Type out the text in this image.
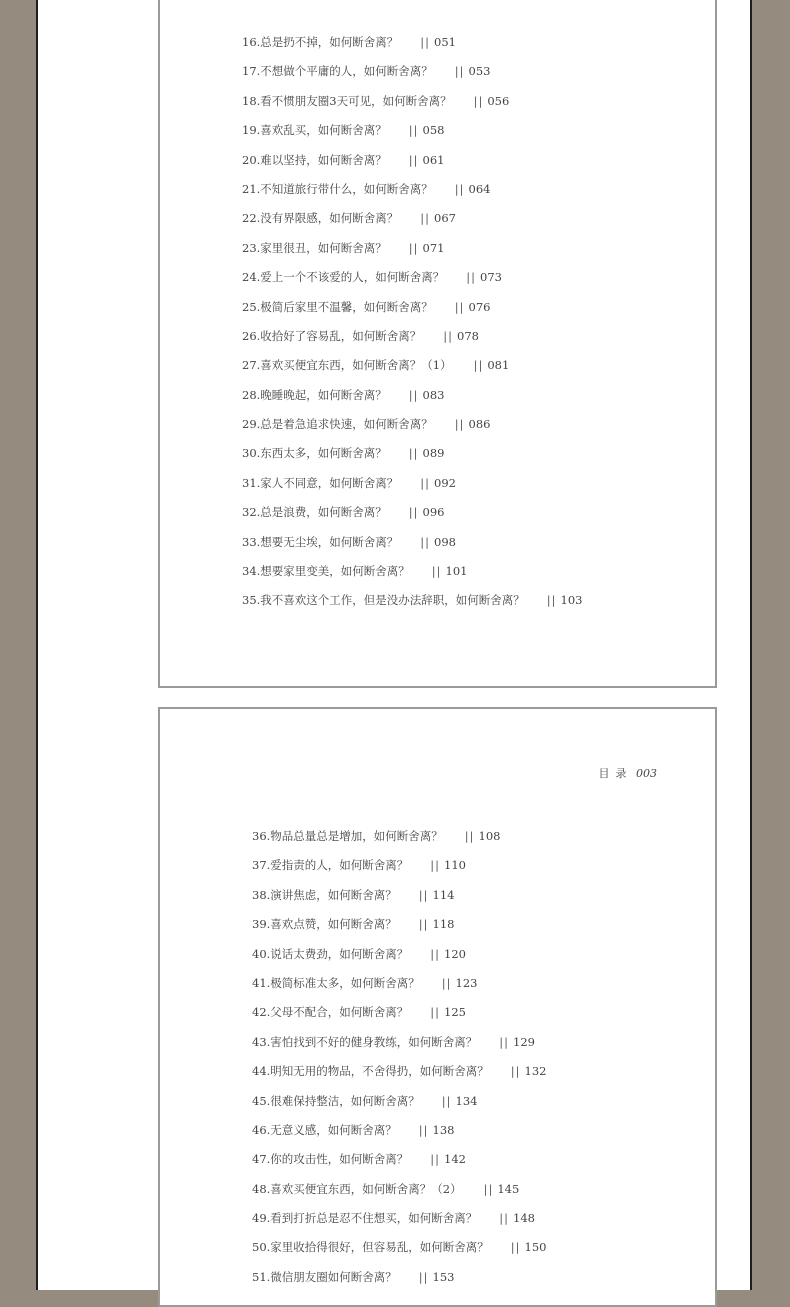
16.总是扔不掉，如何断舍离？ || 051
17.不想做个平庸的人，如何断舍离？ || 053
18.看不惯朋友圈3天可见，如何断舍离？ || 056
19.喜欢乱买，如何断舍离？ || 058
20.难以坚持，如何断舍离？ || 061
21.不知道旅行带什么，如何断舍离？ || 064
22.没有界限感，如何断舍离？ || 067
23.家里很丑，如何断舍离？ || 071
24.爱上一个不该爱的人，如何断舍离？ || 073
25.极简后家里不温馨，如何断舍离？ || 076
26.收拾好了容易乱，如何断舍离？ || 078
27.喜欢买便宜东西，如何断舍离？（1） || 081
28.晚睡晚起，如何断舍离？ || 083
29.总是着急追求快速，如何断舍离？ || 086
30.东西太多，如何断舍离？ || 089
31.家人不同意，如何断舍离？ || 092
32.总是浪费，如何断舍离？ || 096
33.想要无尘埃，如何断舍离？ || 098
34.想要家里变美，如何断舍离？ || 101
35.我不喜欢这个工作，但是没办法辞职，如何断舍离？ || 103
目录 003
36.物品总量总是增加，如何断舍离？ || 108
37.爱指责的人，如何断舍离？ || 110
38.演讲焦虑，如何断舍离？ || 114
39.喜欢点赞，如何断舍离？ || 118
40.说话太费劲，如何断舍离？ || 120
41.极简标准太多，如何断舍离？ || 123
42.父母不配合，如何断舍离？ || 125
43.害怕找到不好的健身教练，如何断舍离？ || 129
44.明知无用的物品，不舍得扔，如何断舍离？ || 132
45.很难保持整洁，如何断舍离？ || 134
46.无意义感，如何断舍离？ || 138
47.你的攻击性，如何断舍离？ || 142
48.喜欢买便宜东西，如何断舍离？（2） || 145
49.看到打折总是忍不住想买，如何断舍离？ || 148
50.家里收拾得很好，但容易乱，如何断舍离？ || 150
51.微信朋友圈如何断舍离？ || 153
